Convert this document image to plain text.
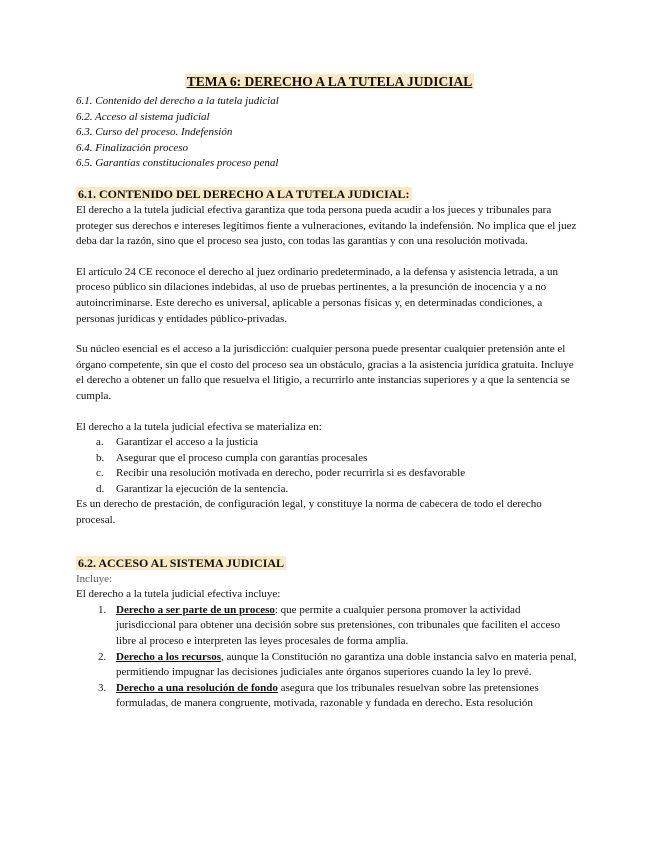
TEMA 6: DERECHO A LA TUTELA JUDICIAL
6.1. Contenido del derecho a la tutela judicial
6.2. Acceso al sistema judicial
6.3. Curso del proceso. Indefensión
6.4. Finalización proceso
6.5. Garantías constitucionales proceso penal
6.1. CONTENIDO DEL DERECHO A LA TUTELA JUDICIAL:

El derecho a la tutela judicial efectiva garantiza que toda persona pueda acudir a los jueces y tribunales para proteger sus derechos e intereses legítimos fiente a vulneraciones, evitando la indefensión. No implica que el juez deba dar la razón, sino que el proceso sea justo, con todas las garantías y con una resolución motivada.

El artículo 24 CE reconoce el derecho al juez ordinario predeterminado, a la defensa y asistencia letrada, a un proceso público sin dilaciones indebidas, al uso de pruebas pertinentes, a la presunción de inocencia y a no autoincriminarse. Este derecho es universal, aplicable a personas físicas y, en determinadas condiciones, a personas jurídicas y entidades público-privadas.

Su núcleo esencial es el acceso a la jurisdicción: cualquier persona puede presentar cualquier pretensión ante el órgano competente, sin que el costo del proceso sea un obstáculo, gracias a la asistencia jurídica gratuita. Incluye el derecho a obtener un fallo que resuelva el litigio, a recurrirlo ante instancias superiores y a que la sentencia se cumpla.

El derecho a la tutela judicial efectiva se materializa en:

a. Garantizar el acceso a la justicia
b. Asegurar que el proceso cumpla con garantías procesales
c. Recibir una resolución motivada en derecho, poder recurrirla si es desfavorable
d. Garantizar la ejecución de la sentencia.

Es un derecho de prestación, de configuración legal, y constituye la norma de cabecera de todo el derecho procesal.

6.2. ACCESO AL SISTEMA JUDICIAL

Incluye:

El derecho a la tutela judicial efectiva incluye:

1. Derecho a ser parte de un proceso: que permite a cualquier persona promover la actividad jurisdiccional para obtener una decisión sobre sus pretensiones, con tribunales que faciliten el acceso libre al proceso e interpreten las leyes procesales de forma amplia.
2. Derecho a los recursos, aunque la Constitución no garantiza una doble instancia salvo en materia penal, permitiendo impugnar las decisiones judiciales ante órganos superiores cuando la ley lo prevé.
3. Derecho a una resolución de fondo asegura que los tribunales resuelvan sobre las pretensiones formuladas, de manera congruente, motivada, razonable y fundada en derecho. Esta resolución
